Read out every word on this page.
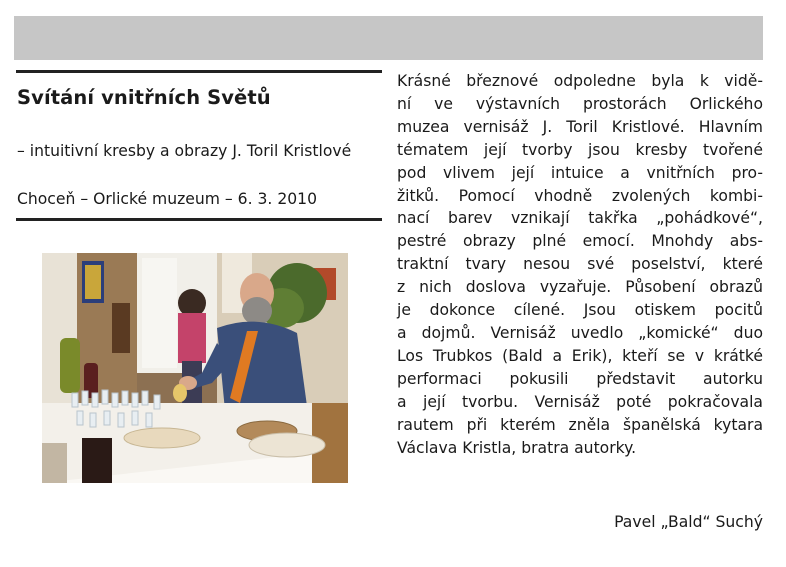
Svítání vnitřních Světů
– intuitivní kresby a obrazy J. Toril Kristlové
Choceň – Orlické muzeum – 6. 3. 2010
Krásné březnové odpoledne byla k vidě-
ní ve výstavních prostorách Orlického
muzea vernisáž J. Toril Kristlové. Hlavním
tématem její tvorby jsou kresby tvořené
pod vlivem její intuice a vnitřních pro-
žitků. Pomocí vhodně zvolených kombi-
nací barev vznikají takřka „pohádkové“,
pestré obrazy plné emocí. Mnohdy abs-
traktní tvary nesou své poselství, které
z nich doslova vyzařuje. Působení obrazů
je dokonce cílené. Jsou otiskem pocitů
a dojmů. Vernisáž uvedlo „komické“ duo
Los Trubkos (Bald a Erik), kteří se v krátké
performaci pokusili představit autorku
a její tvorbu. Vernisáž poté pokračovala
rautem při kterém zněla španělská kytara
Václava Kristla, bratra autorky.
Pavel „Bald“ Suchý
